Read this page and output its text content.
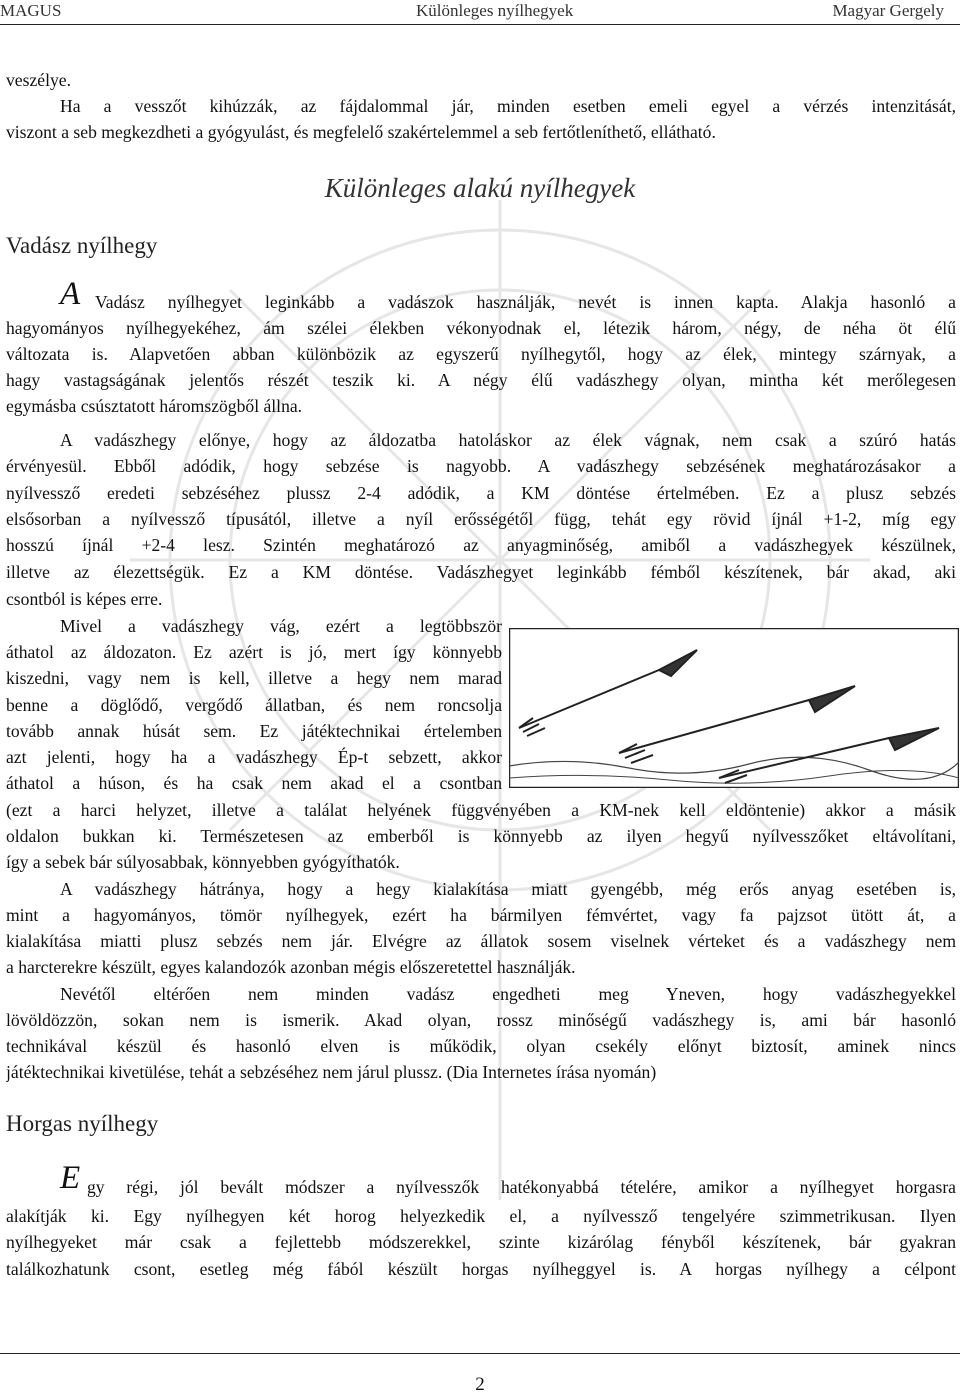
MAGUS	Különleges nyílhegyek	Magyar Gergely
veszélye.
Ha a vesszőt kihúzzák, az fájdalommal jár, minden esetben emeli egyel a vérzés intenzitását,
viszont a seb megkezdheti a gyógyulást, és megfelelő szakértelemmel a seb fertőtleníthető, ellátható.
Különleges alakú nyílhegyek
Vadász nyílhegy
A Vadász nyílhegyet leginkább a vadászok használják, nevét is innen kapta. Alakja hasonló a
hagyományos nyílhegyekéhez, ám szélei élekben vékonyodnak el, létezik három, négy, de néha öt élű
változata is. Alapvetően abban különbözik az egyszerű nyílhegytől, hogy az élek, mintegy szárnyak, a
hagy vastagságának jelentős részét teszik ki. A négy élű vadászhegy olyan, mintha két merőlegesen
egymásba csúsztatott háromszögből állna.
A vadászhegy előnye, hogy az áldozatba hatoláskor az élek vágnak, nem csak a szúró hatás
érvényesül. Ebből adódik, hogy sebzése is nagyobb. A vadászhegy sebzésének meghatározásakor a
nyílvessző eredeti sebzéséhez plussz 2-4 adódik, a KM döntése értelmében. Ez a plusz sebzés
elsősorban a nyílvessző típusától, illetve a nyíl erősségétől függ, tehát egy rövid íjnál +1-2, míg egy
hosszú íjnál +2-4 lesz. Szintén meghatározó az anyagminőség, amiből a vadászhegyek készülnek,
illetve az élezettségük. Ez a KM döntése. Vadászhegyet leginkább fémből készítenek, bár akad, aki
csontból is képes erre.
Mivel a vadászhegy vág, ezért a legtöbbször
áthatol az áldozaton. Ez azért is jó, mert így könnyebb
kiszedni, vagy nem is kell, illetve a hegy nem marad
benne a döglődő, vergődő állatban, és nem roncsolja
tovább annak húsát sem. Ez játéktechnikai értelemben
azt jelenti, hogy ha a vadászhegy Ép-t sebzett, akkor
áthatol a húson, és ha csak nem akad el a csontban
(ezt a harci helyzet, illetve a találat helyének függvényében a KM-nek kell eldöntenie) akkor a másik
oldalon bukkan ki. Természetesen az emberből is könnyebb az ilyen hegyű nyílvesszőket eltávolítani,
így a sebek bár súlyosabbak, könnyebben gyógyíthatók.
A vadászhegy hátránya, hogy a hegy kialakítása miatt gyengébb, még erős anyag esetében is,
mint a hagyományos, tömör nyílhegyek, ezért ha bármilyen fémvértet, vagy fa pajzsot ütött át, a
kialakítása miatti plusz sebzés nem jár. Elvégre az állatok sosem viselnek vérteket és a vadászhegy nem
a harcterekre készült, egyes kalandozók azonban mégis előszeretettel használják.
Nevétől eltérően nem minden vadász engedheti meg Yneven, hogy vadászhegyekkel
lövöldözzön, sokan nem is ismerik. Akad olyan, rossz minőségű vadászhegy is, ami bár hasonló
technikával készül és hasonló elven is működik, olyan csekély előnyt biztosít, aminek nincs
játéktechnikai kivetülése, tehát a sebzéséhez nem járul plussz. (Dia Internetes írása nyomán)
Horgas nyílhegy
E gy régi, jól bevált módszer a nyílvesszők hatékonyabbá tételére, amikor a nyílhegyet horgasra
alakítják ki. Egy nyílhegyen két horog helyezkedik el, a nyílvessző tengelyére szimmetrikusan. Ilyen
nyílhegyeket már csak a fejlettebb módszerekkel, szinte kizárólag fényből készítenek, bár gyakran
találkozhatunk csont, esetleg még fából készült horgas nyílheggyel is. A horgas nyílhegy a célpont
2
